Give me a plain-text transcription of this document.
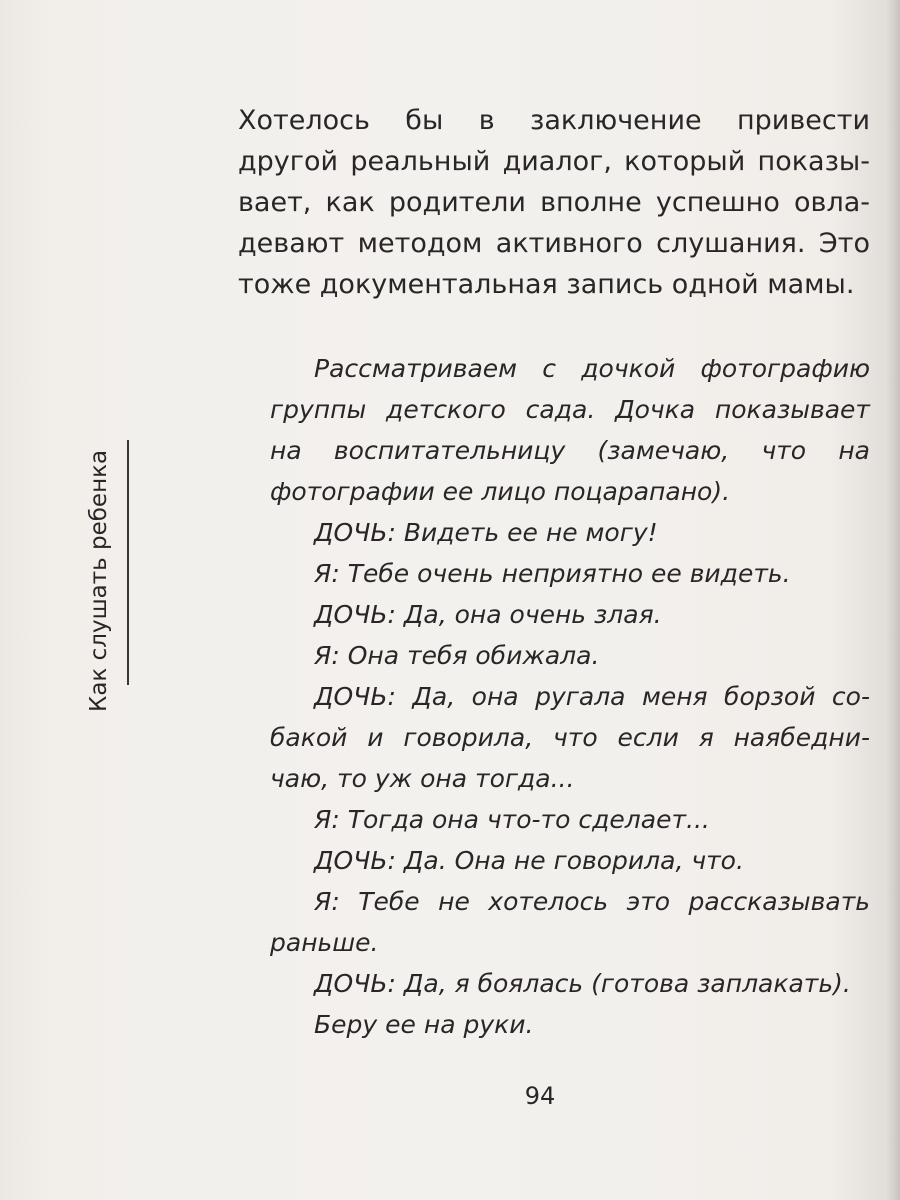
Как слушать ребенка
Хотелось бы в заключение привести
другой реальный диалог, который показы-
вает, как родители вполне успешно овла-
девают методом активного слушания. Это
тоже документальная запись одной мамы.
Рассматриваем с дочкой фотографию
группы детского сада. Дочка показывает
на воспитательницу (замечаю, что на
фотографии ее лицо поцарапано).
ДОЧЬ: Видеть ее не могу!
Я: Тебе очень неприятно ее видеть.
ДОЧЬ: Да, она очень злая.
Я: Она тебя обижала.
ДОЧЬ: Да, она ругала меня борзой со-
бакой и говорила, что если я наябедни-
чаю, то уж она тогда...
Я: Тогда она что-то сделает...
ДОЧЬ: Да. Она не говорила, что.
Я: Тебе не хотелось это рассказывать
раньше.
ДОЧЬ: Да, я боялась (готова заплакать).
Беру ее на руки.
94
